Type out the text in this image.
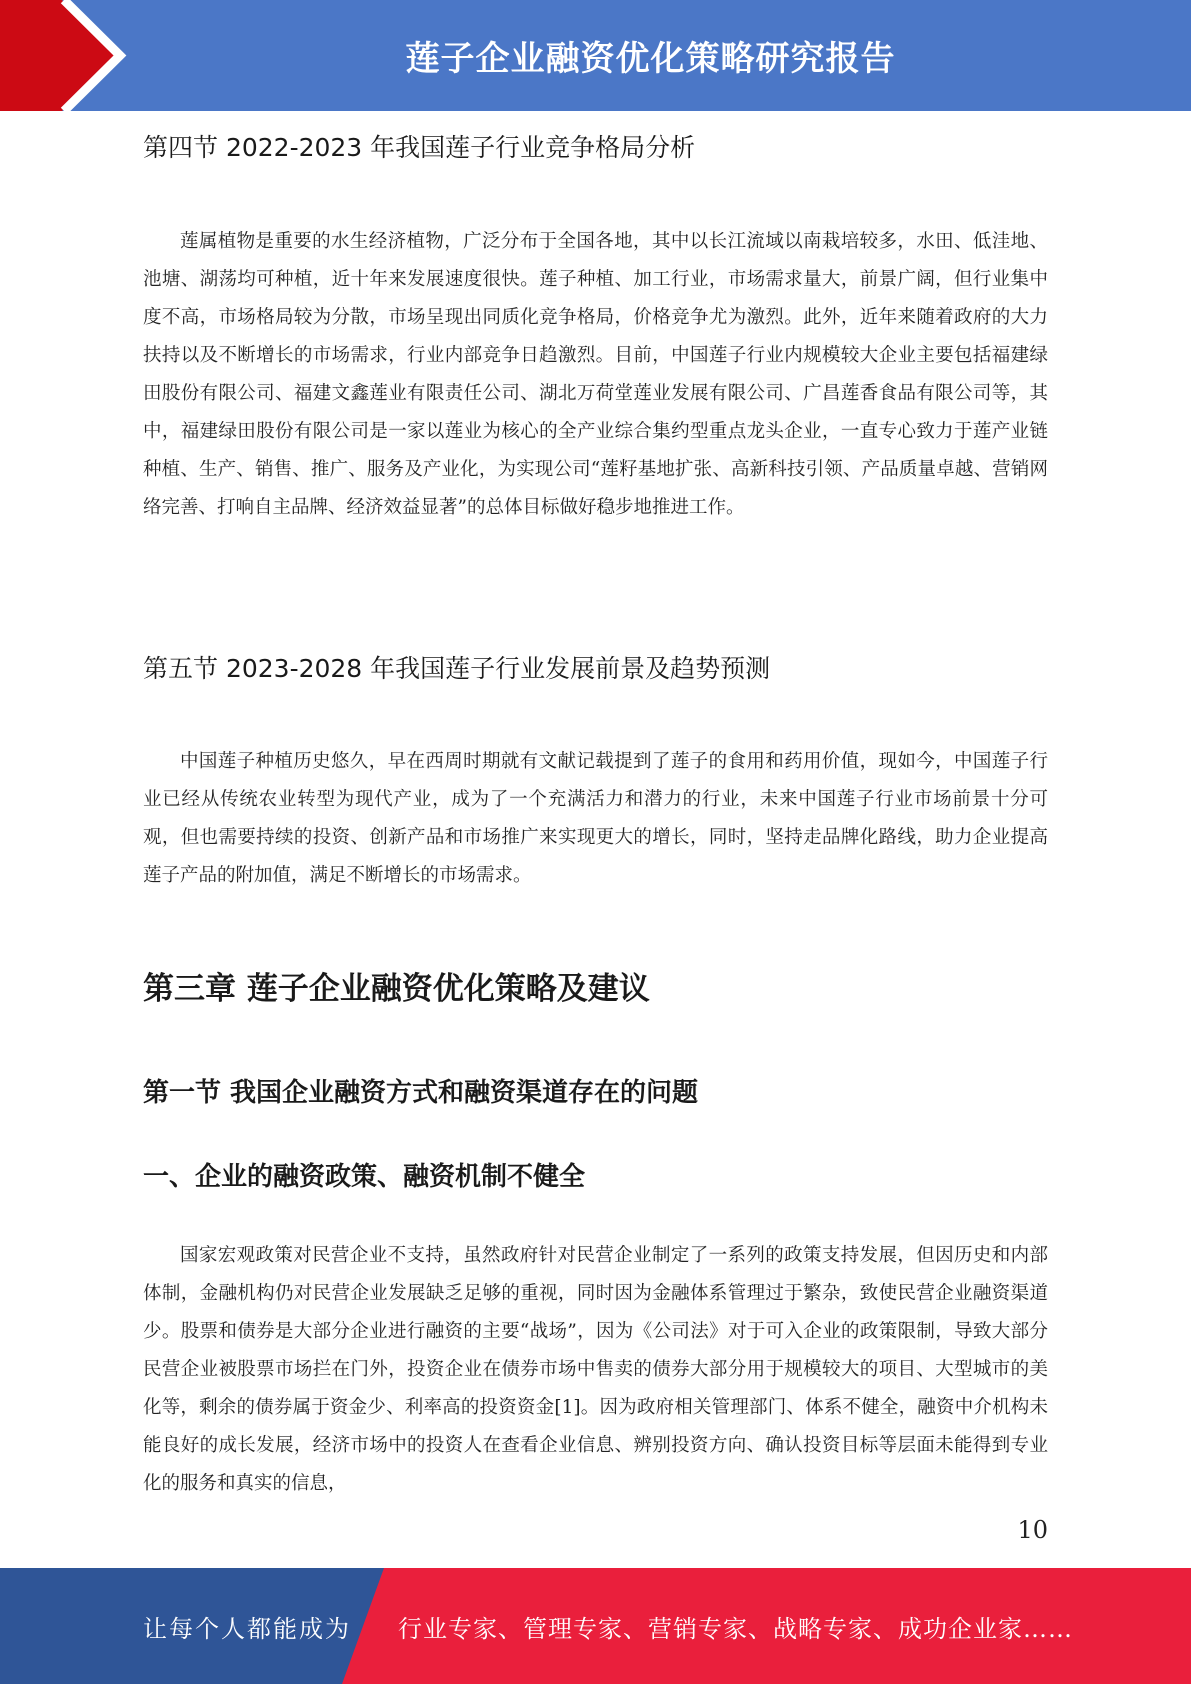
莲子企业融资优化策略研究报告
第四节 2022-2023 年我国莲子行业竞争格局分析

莲属植物是重要的水生经济植物，广泛分布于全国各地，其中以长江流域以南栽培较多，水田、低洼地、池塘、湖荡均可种植，近十年来发展速度很快。莲子种植、加工行业，市场需求量大，前景广阔，但行业集中度不高，市场格局较为分散，市场呈现出同质化竞争格局，价格竞争尤为激烈。此外，近年来随着政府的大力扶持以及不断增长的市场需求，行业内部竞争日趋激烈。目前，中国莲子行业内规模较大企业主要包括福建绿田股份有限公司、福建文鑫莲业有限责任公司、湖北万荷堂莲业发展有限公司、广昌莲香食品有限公司等，其中，福建绿田股份有限公司是一家以莲业为核心的全产业综合集约型重点龙头企业，一直专心致力于莲产业链种植、生产、销售、推广、服务及产业化，为实现公司“莲籽基地扩张、高新科技引领、产品质量卓越、营销网络完善、打响自主品牌、经济效益显著”的总体目标做好稳步地推进工作。

第五节 2023-2028 年我国莲子行业发展前景及趋势预测

中国莲子种植历史悠久，早在西周时期就有文献记载提到了莲子的食用和药用价值，现如今，中国莲子行业已经从传统农业转型为现代产业，成为了一个充满活力和潜力的行业，未来中国莲子行业市场前景十分可观，但也需要持续的投资、创新产品和市场推广来实现更大的增长，同时，坚持走品牌化路线，助力企业提高莲子产品的附加值，满足不断增长的市场需求。

第三章 莲子企业融资优化策略及建议
第一节 我国企业融资方式和融资渠道存在的问题
一、企业的融资政策、融资机制不健全

国家宏观政策对民营企业不支持，虽然政府针对民营企业制定了一系列的政策支持发展，但因历史和内部体制，金融机构仍对民营企业发展缺乏足够的重视，同时因为金融体系管理过于繁杂，致使民营企业融资渠道少。股票和债券是大部分企业进行融资的主要“战场”，因为《公司法》对于可入企业的政策限制，导致大部分民营企业被股票市场拦在门外，投资企业在债券市场中售卖的债券大部分用于规模较大的项目、大型城市的美化等，剩余的债券属于资金少、利率高的投资资金[1]。因为政府相关管理部门、体系不健全，融资中介机构未能良好的成长发展，经济市场中的投资人在查看企业信息、辨别投资方向、确认投资目标等层面未能得到专业化的服务和真实的信息，

10
让每个人都能成为 行业专家、管理专家、营销专家、战略专家、成功企业家……
